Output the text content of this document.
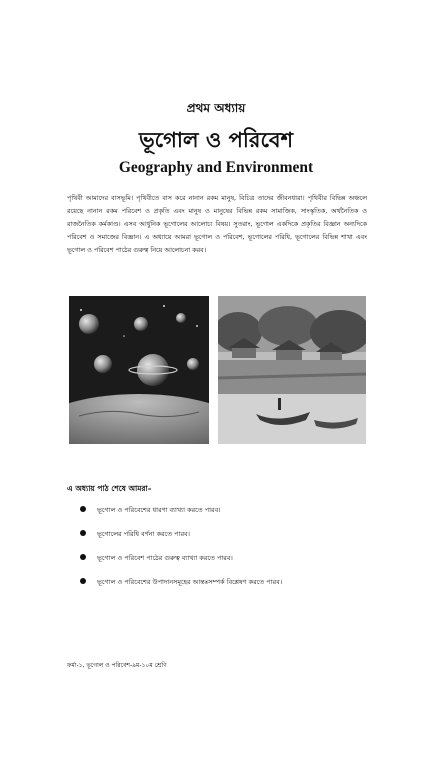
প্রথম অধ্যায়
ভূগোল ও পরিবেশ
Geography and Environment

পৃথিবী আমাদের বাসভূমি। পৃথিবীতে বাস করে নানান রকম মানুষ, বিচিত্র তাদের জীবনধারা। পৃথিবীর বিভিন্ন অঞ্চলে রয়েছে নানান রকম পরিবেশ ও প্রকৃতি এবং মানুষ ও মানুষের বিভিন্ন রকম সামাজিক, সাংস্কৃতিক, অর্থনৈতিক ও রাজনৈতিক কর্মকাণ্ড। এসব আধুনিক ভূগোলের আলোচ্য বিষয়। সুতরাং, ভূগোল একদিকে প্রকৃতির বিজ্ঞান অন্যদিকে পরিবেশ ও সমাজের বিজ্ঞান। এ অধ্যায়ে আমরা ভূগোল ও পরিবেশ, ভূগোলের পরিধি, ভূগোলের বিভিন্ন শাখা এবং ভূগোল ও পরিবেশ পাঠের গুরুত্ব নিয়ে আলোচনা করব।

এ অধ্যায় পাঠ শেষে আমরা–
ভূগোল ও পরিবেশের ধারণা ব্যাখ্যা করতে পারব।
ভূগোলের পরিধি বর্ণনা করতে পারব।
ভূগোল ও পরিবেশ পাঠের গুরুত্ব ব্যাখ্যা করতে পারব।
ভূগোল ও পরিবেশের উপাদানসমূহের আন্তঃসম্পর্ক বিশ্লেষণ করতে পারব।
ফর্মা-১, ভূগোল ও পরিবেশ-৯ম-১০ম শ্রেণি
